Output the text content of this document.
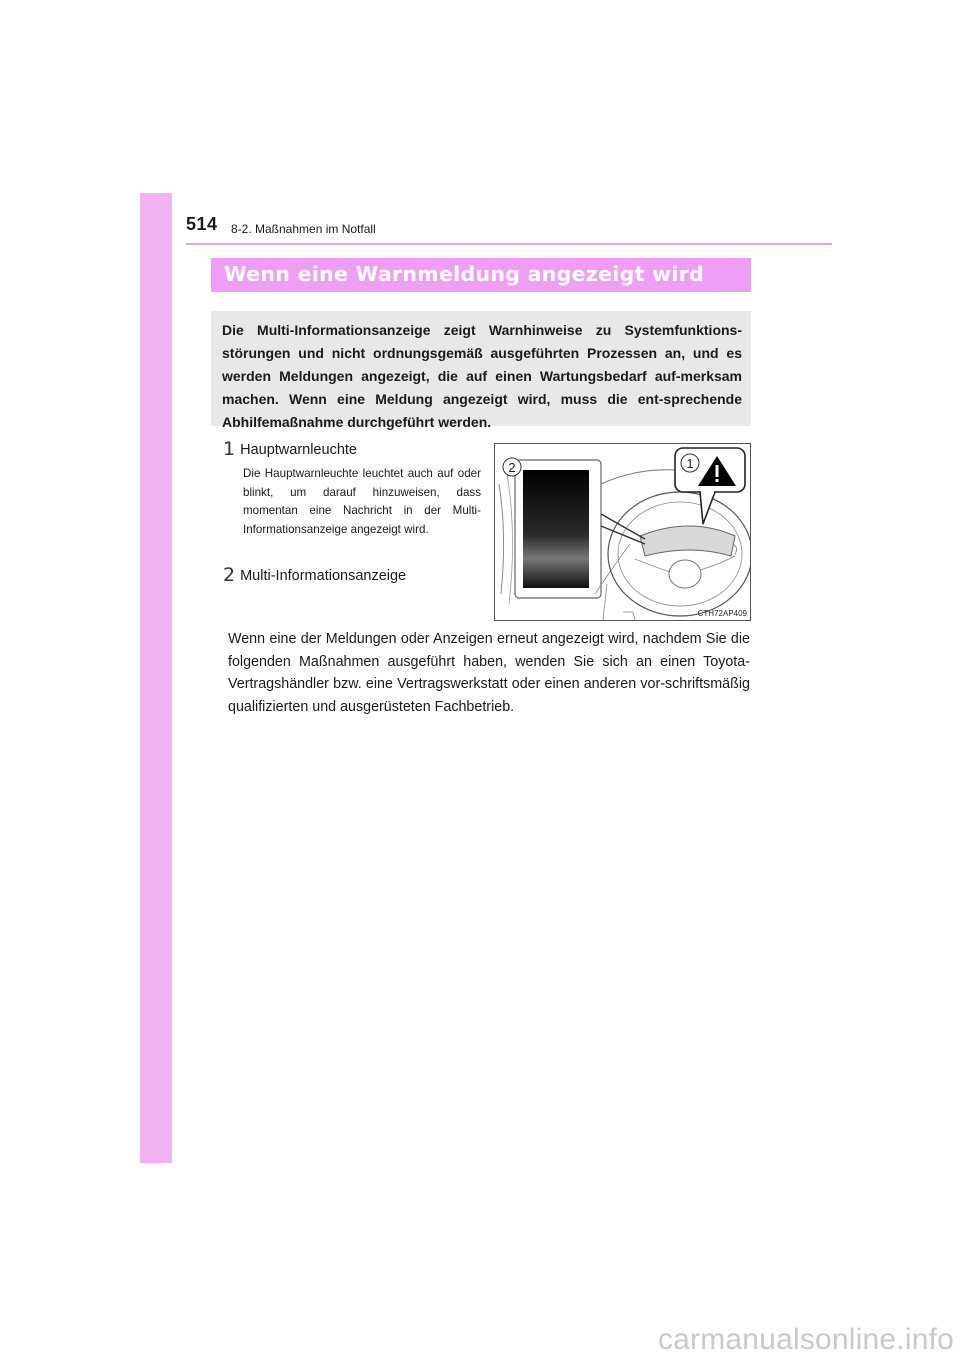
514 8-2. Maßnahmen im Notfall
Wenn eine Warnmeldung angezeigt wird

Die Multi-Informationsanzeige zeigt Warnhinweise zu Systemfunktions-störungen und nicht ordnungsgemäß ausgeführten Prozessen an, und es werden Meldungen angezeigt, die auf einen Wartungsbedarf auf-merksam machen. Wenn eine Meldung angezeigt wird, muss die ent-sprechende Abhilfemaßnahme durchgeführt werden.

1 Hauptwarnleuchte

Die Hauptwarnleuchte leuchtet auch auf oder blinkt, um darauf hinzuweisen, dass momentan eine Nachricht in der Multi-Informationsanzeige angezeigt wird.

2 Multi-Informationsanzeige
1
2
CTH72AP409

Wenn eine der Meldungen oder Anzeigen erneut angezeigt wird, nachdem Sie die folgenden Maßnahmen ausgeführt haben, wenden Sie sich an einen Toyota-Vertragshändler bzw. eine Vertragswerkstatt oder einen anderen vor-schriftsmäßig qualifizierten und ausgerüsteten Fachbetrieb.

carmanualsonline.info
